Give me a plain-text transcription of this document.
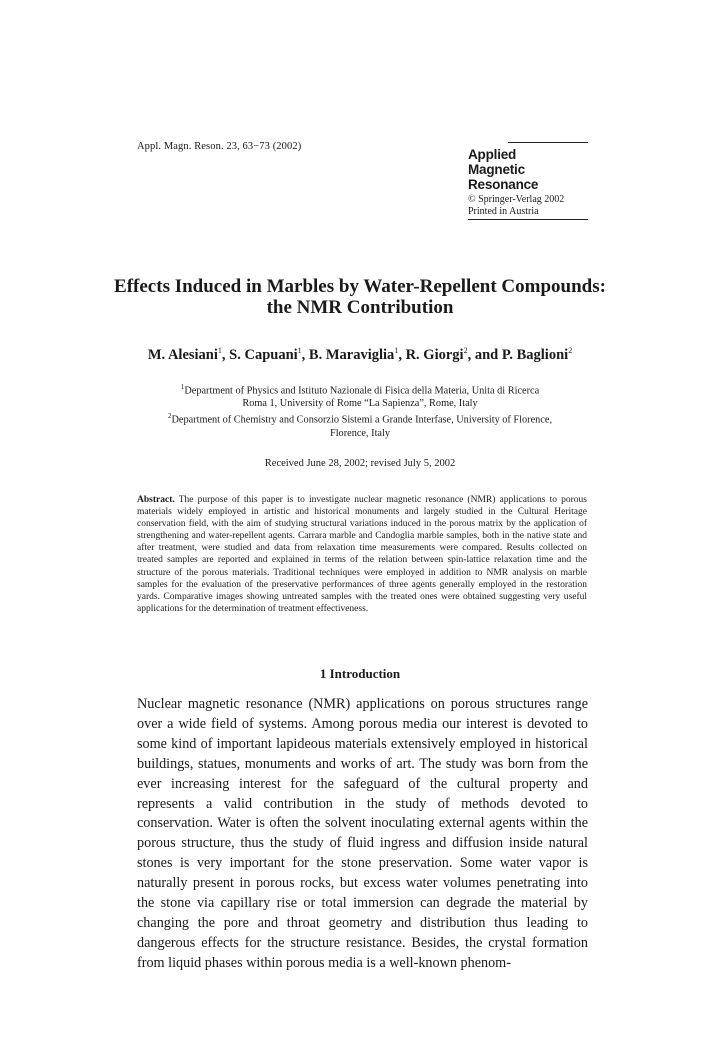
Appl. Magn. Reson. 23, 63−73 (2002)
Applied
Magnetic Resonance
© Springer-Verlag 2002
Printed in Austria
Effects Induced in Marbles by Water-Repellent Compounds:
the NMR Contribution
M. Alesiani$^1$, S. Capuani$^1$, B. Maraviglia$^1$, R. Giorgi$^2$, and P. Baglioni$^2$
$^1$Department of Physics and Istituto Nazionale di Fisica della Materia, Unita di Ricerca
Roma 1, University of Rome “La Sapienza”, Rome, Italy
$^2$Department of Chemistry and Consorzio Sistemi a Grande Interfase, University of Florence,
Florence, Italy
Received June 28, 2002; revised July 5, 2002
Abstract. The purpose of this paper is to investigate nuclear magnetic resonance (NMR) applications to porous materials widely employed in artistic and historical monuments and largely studied in the Cultural Heritage conservation field, with the aim of studying structural variations induced in the porous matrix by the application of strengthening and water-repellent agents. Carrara marble and Candoglia marble samples, both in the native state and after treatment, were studied and data from relaxation time measurements were compared. Results collected on treated samples are reported and explained in terms of the relation between spin-lattice relaxation time and the structure of the porous materials. Traditional techniques were employed in addition to NMR analysis on marble samples for the evaluation of the preservative performances of three agents generally employed in the restoration yards. Comparative images showing untreated samples with the treated ones were obtained suggesting very useful applications for the determination of treatment effectiveness.
1 Introduction
Nuclear magnetic resonance (NMR) applications on porous structures range over a wide field of systems. Among porous media our interest is devoted to some kind of important lapideous materials extensively employed in historical buildings, statues, monuments and works of art. The study was born from the ever increasing interest for the safeguard of the cultural property and represents a valid contribution in the study of methods devoted to conservation. Water is often the solvent inoculating external agents within the porous structure, thus the study of fluid ingress and diffusion inside natural stones is very important for the stone preservation. Some water vapor is naturally present in porous rocks, but excess water volumes penetrating into the stone via capillary rise or total immersion can degrade the material by changing the pore and throat geometry and distribution thus leading to dangerous effects for the structure resistance. Besides, the crystal formation from liquid phases within porous media is a well-known phenom-
